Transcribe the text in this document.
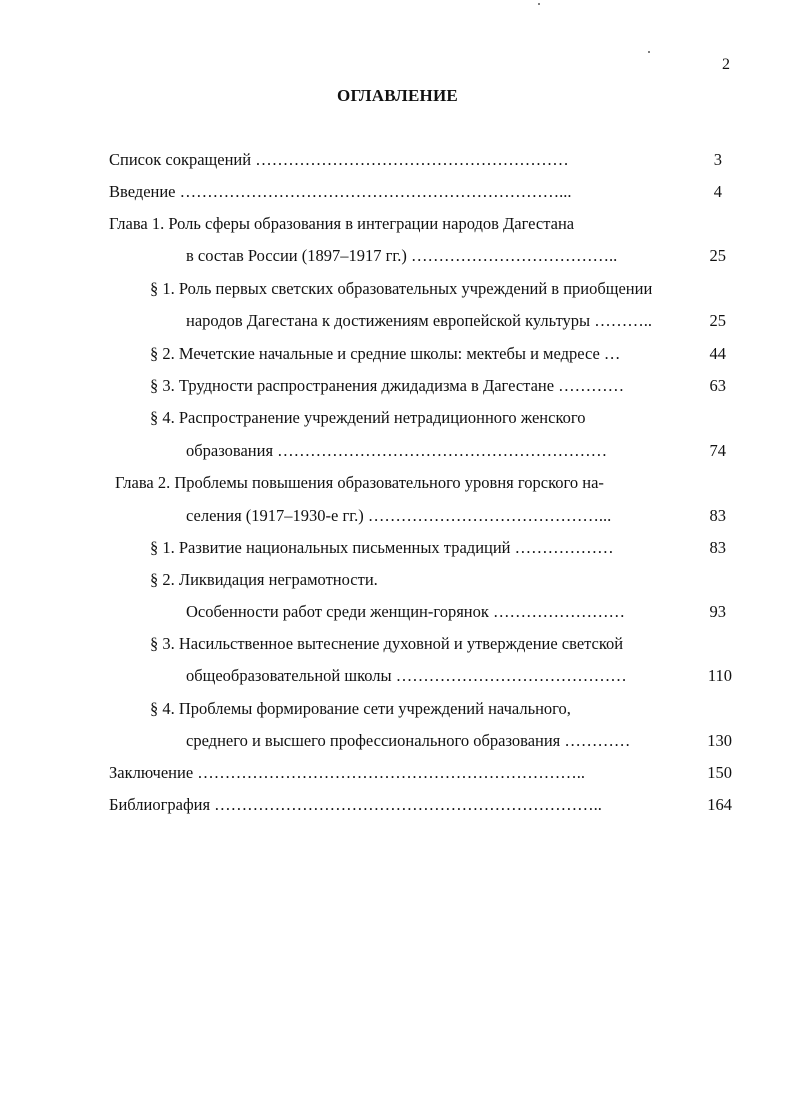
2
ОГЛАВЛЕНИЕ
Список сокращений …………………………………………………	3
Введение ……………………………………………………………...	4
Глава 1. Роль сферы образования в интеграции народов Дагестана
в состав России (1897–1917 гг.) ………………………………..	25
§ 1. Роль первых светских образовательных учреждений в приобщении
народов Дагестана к достижениям европейской культуры ………..	25
§ 2. Мечетские начальные и средние школы: мектебы и медресе …	44
§ 3. Трудности распространения джидадизма в Дагестане …………	63
§ 4. Распространение учреждений нетрадиционного женского
образования ……………………………………………………	74
Глава 2. Проблемы повышения образовательного уровня горского на-
селения (1917–1930-е гг.) ……………………………………...	83
§ 1. Развитие национальных письменных традиций ………………	83
§ 2. Ликвидация неграмотности.
Особенности работ среди женщин-горянок ……………………	93
§ 3. Насильственное вытеснение духовной и утверждение светской
общеобразовательной школы ……………………………………	110
§ 4. Проблемы формирование сети учреждений начального,
среднего и высшего профессионального образования …………	130
Заключение ……………………………………………………………..	150
Библиография ……………………………………………………………..	164
